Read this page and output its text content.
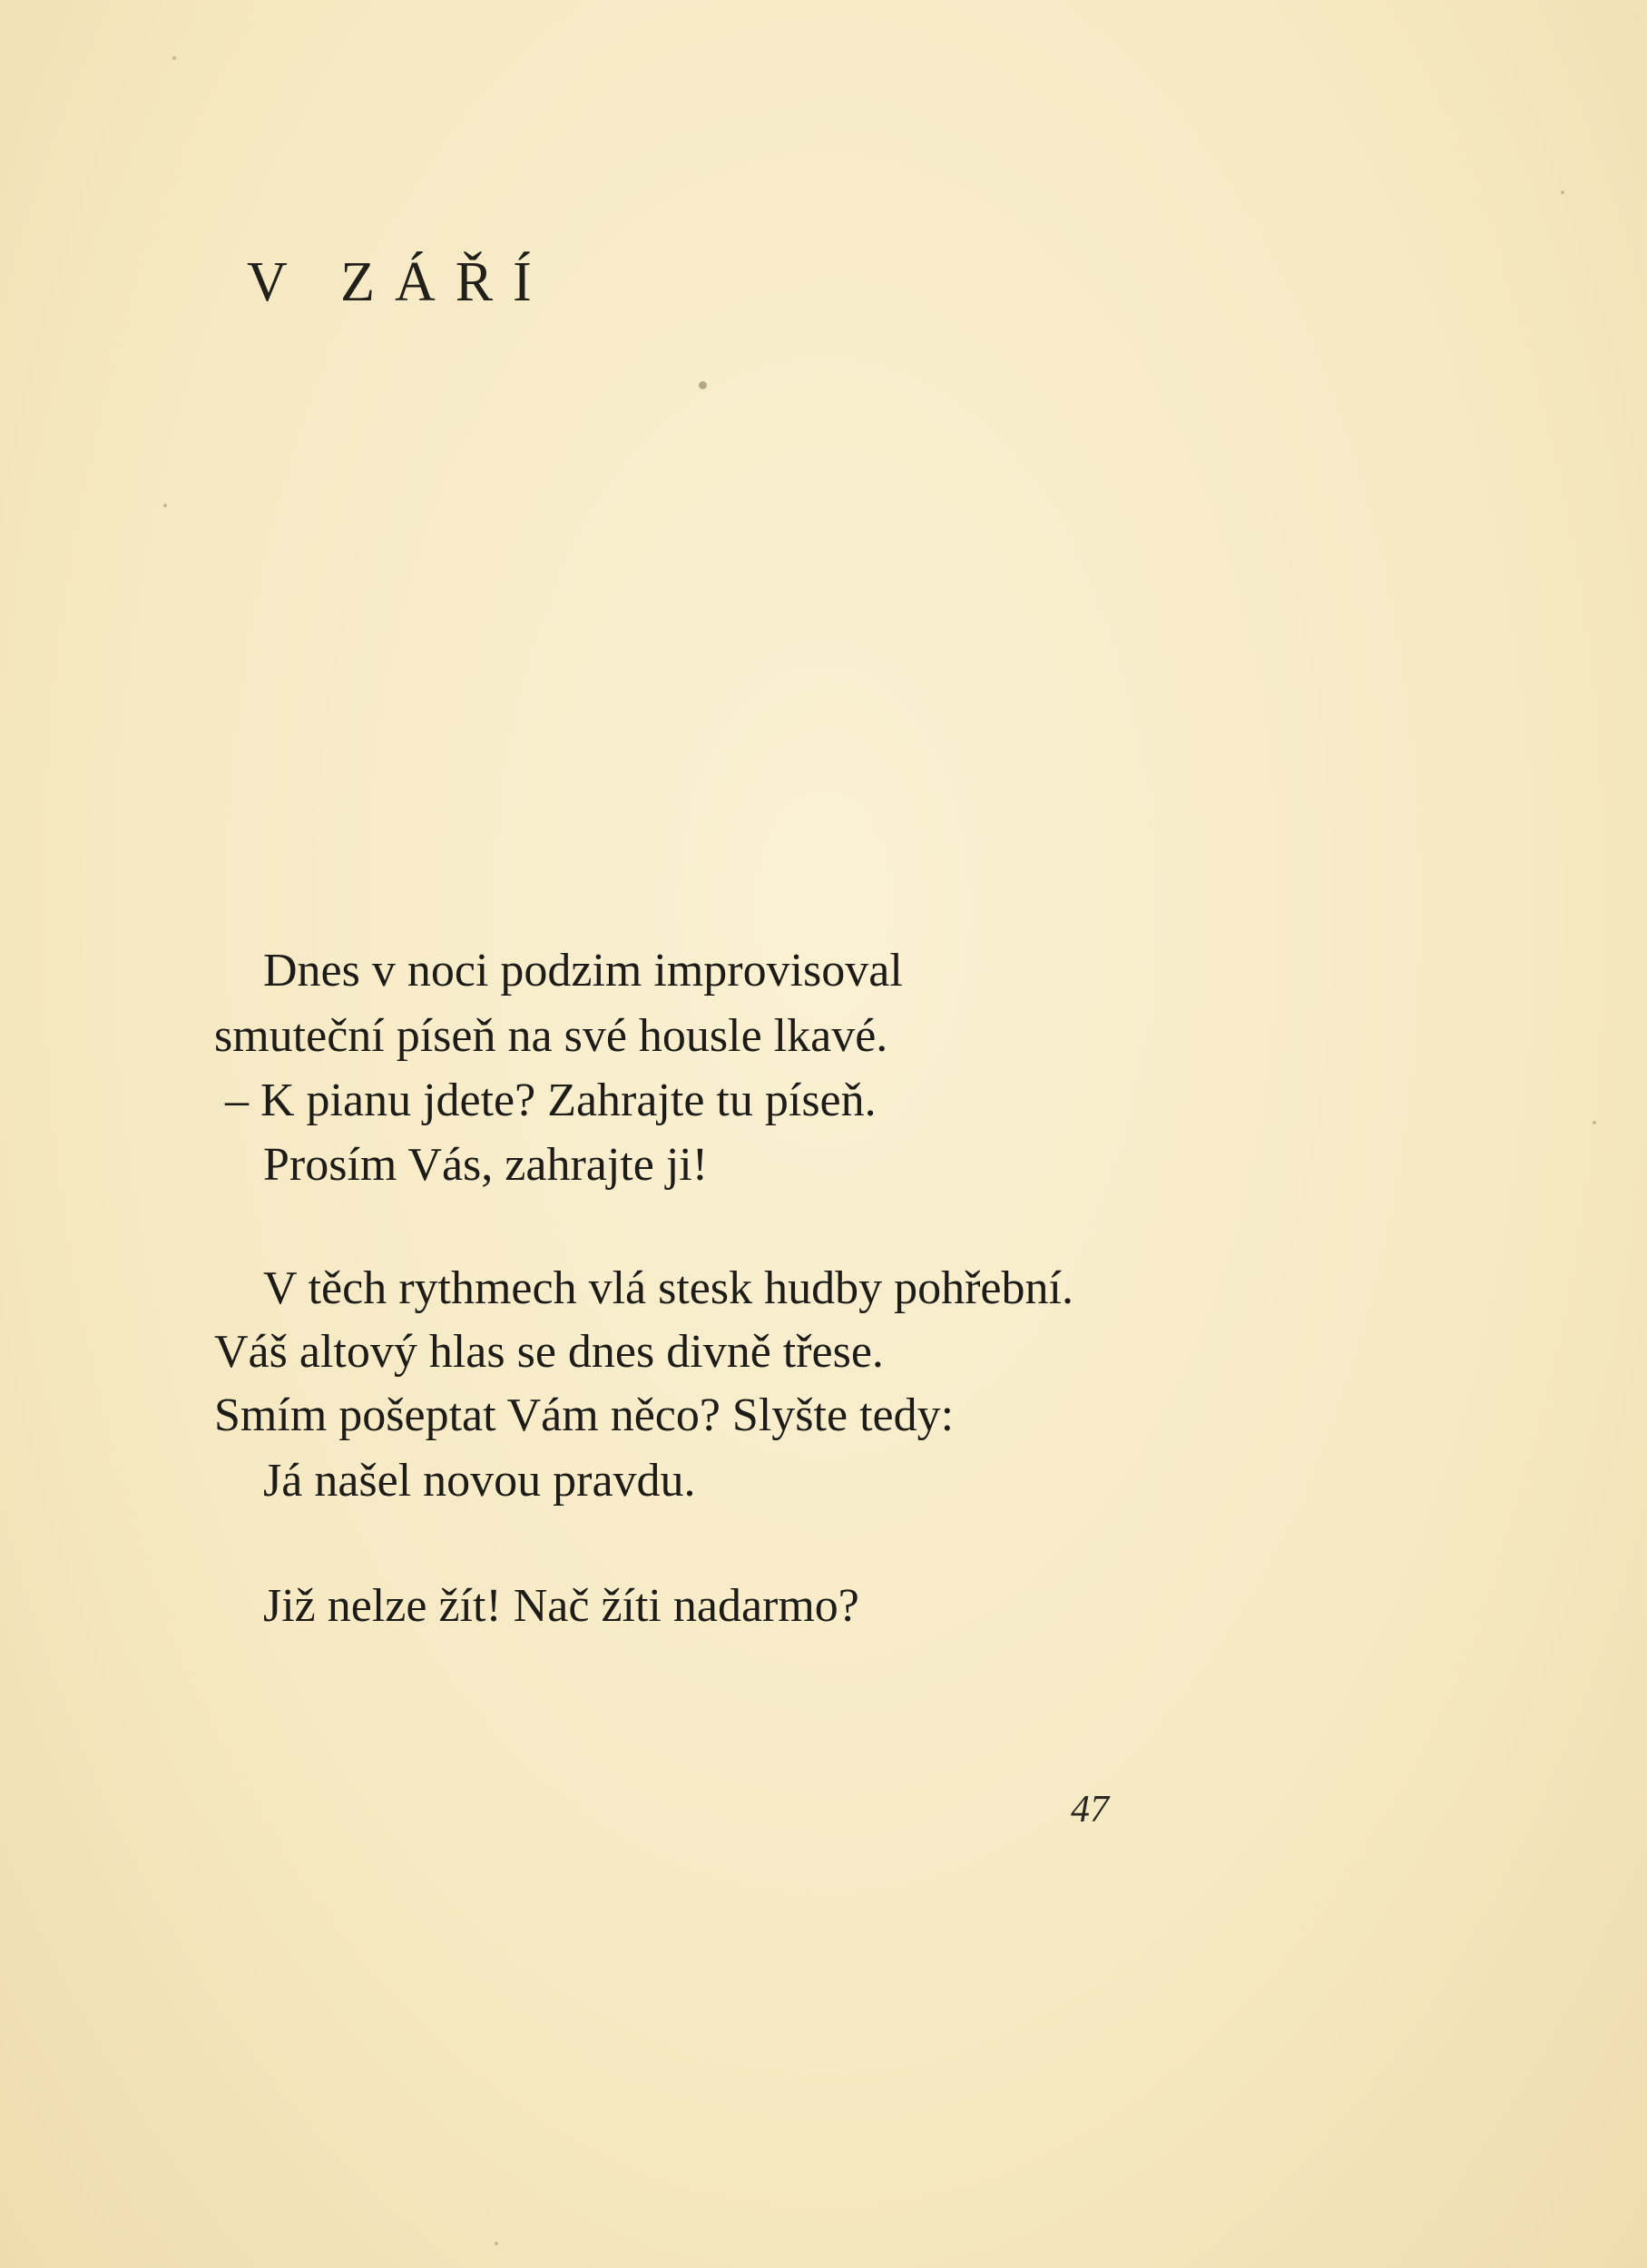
V ZÁŘÍ
Dnes v noci podzim improvisoval
smuteční píseň na své housle lkavé.
– K pianu jdete? Zahrajte tu píseň.
Prosím Vás, zahrajte ji!
V těch rythmech vlá stesk hudby pohřební.
Váš altový hlas se dnes divně třese.
Smím pošeptat Vám něco? Slyšte tedy:
Já našel novou pravdu.
Již nelze žít! Nač žíti nadarmo?
47
